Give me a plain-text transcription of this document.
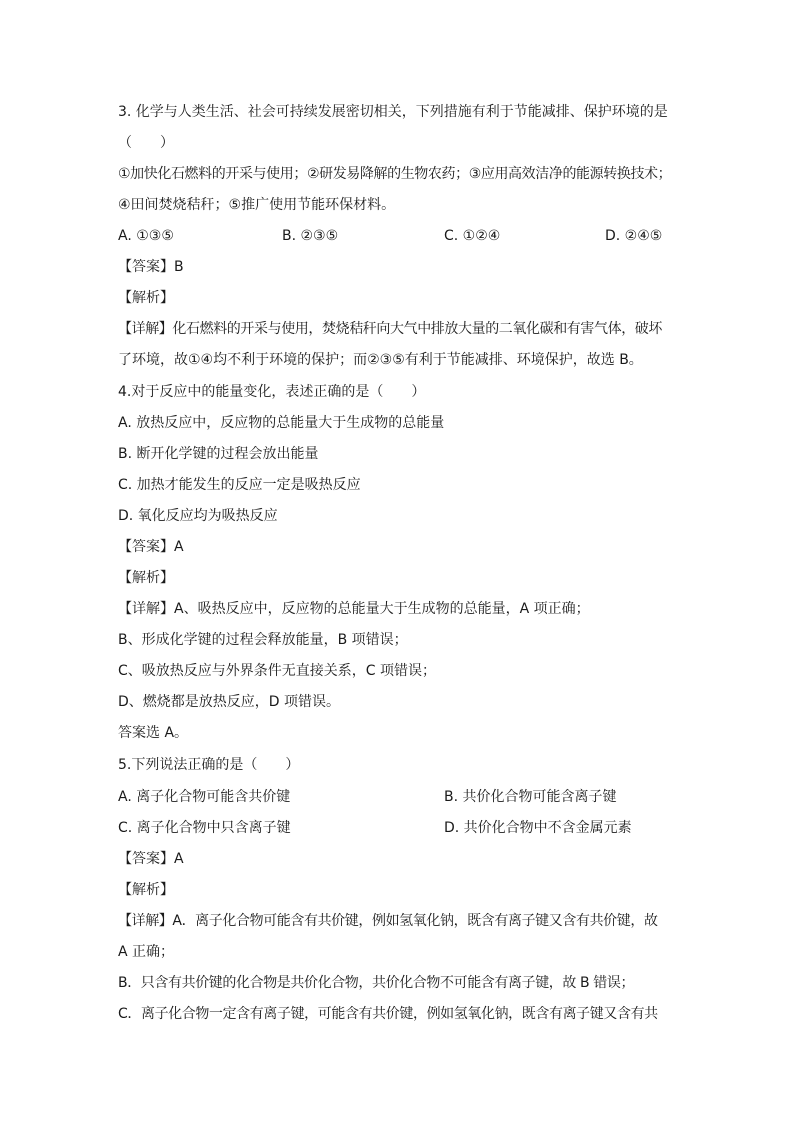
3. 化学与人类生活、社会可持续发展密切相关，下列措施有利于节能减排、保护环境的是
（　　）
①加快化石燃料的开采与使用；②研发易降解的生物农药；③应用高效洁净的能源转换技术；
④田间焚烧秸秆；⑤推广使用节能环保材料。
A. ①③⑤	B. ②③⑤	C. ①②④	D. ②④⑤
【答案】B
【解析】
【详解】化石燃料的开采与使用，焚烧秸秆向大气中排放大量的二氧化碳和有害气体，破坏
了环境，故①④均不利于环境的保护；而②③⑤有利于节能减排、环境保护，故选 B。
4.对于反应中的能量变化，表述正确的是（　　）
A. 放热反应中，反应物的总能量大于生成物的总能量
B. 断开化学键的过程会放出能量
C. 加热才能发生的反应一定是吸热反应
D. 氧化反应均为吸热反应
【答案】A
【解析】
【详解】A、吸热反应中，反应物的总能量大于生成物的总能量，A 项正确；
B、形成化学键的过程会释放能量，B 项错误；
C、吸放热反应与外界条件无直接关系，C 项错误；
D、燃烧都是放热反应，D 项错误。
答案选 A。
5.下列说法正确的是（　　）
A. 离子化合物可能含共价键	B. 共价化合物可能含离子键
C. 离子化合物中只含离子键	D. 共价化合物中不含金属元素
【答案】A
【解析】
【详解】A．离子化合物可能含有共价键，例如氢氧化钠，既含有离子键又含有共价键，故
A 正确；
B．只含有共价键的化合物是共价化合物，共价化合物不可能含有离子键，故 B 错误；
C．离子化合物一定含有离子键，可能含有共价键，例如氢氧化钠，既含有离子键又含有共
